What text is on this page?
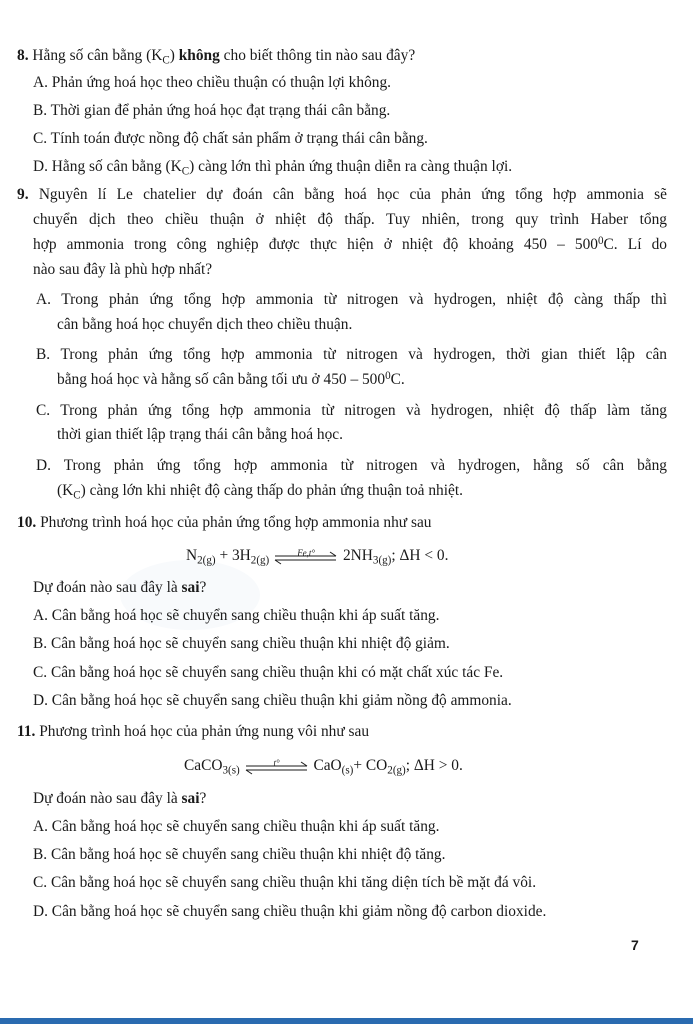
8. Hằng số cân bằng $(K_C)$ không cho biết thông tin nào sau đây?
A. Phản ứng hoá học theo chiều thuận có thuận lợi không.
B. Thời gian để phản ứng hoá học đạt trạng thái cân bằng.
C. Tính toán được nồng độ chất sản phẩm ở trạng thái cân bằng.
D. Hằng số cân bằng $(K_C)$ càng lớn thì phản ứng thuận diễn ra càng thuận lợi.
9. Nguyên lí Le chatelier dự đoán cân bằng hoá học của phản ứng tổng hợp ammonia sẽ
chuyển dịch theo chiều thuận ở nhiệt độ thấp. Tuy nhiên, trong quy trình Haber tổng
hợp ammonia trong công nghiệp được thực hiện ở nhiệt độ khoảng $450 - 500^0C$. Lí do
nào sau đây là phù hợp nhất?
A. Trong phản ứng tổng hợp ammonia từ nitrogen và hydrogen, nhiệt độ càng thấp thì
cân bằng hoá học chuyển dịch theo chiều thuận.
B. Trong phản ứng tổng hợp ammonia từ nitrogen và hydrogen, thời gian thiết lập cân
bằng hoá học và hằng số cân bằng tối ưu ở $450 - 500^0C$.
C. Trong phản ứng tổng hợp ammonia từ nitrogen và hydrogen, nhiệt độ thấp làm tăng
thời gian thiết lập trạng thái cân bằng hoá học.
D. Trong phản ứng tổng hợp ammonia từ nitrogen và hydrogen, hằng số cân bằng
$(K_C)$ càng lớn khi nhiệt độ càng thấp do phản ứng thuận toả nhiệt.
10. Phương trình hoá học của phản ứng tổng hợp ammonia như sau
$N_{2(g)} + 3H_{2(g)}$
Fe,t°	$2NH_{3(g)}$; ΔH < 0.
Dự đoán nào sau đây là sai?
A. Cân bằng hoá học sẽ chuyển sang chiều thuận khi áp suất tăng.
B. Cân bằng hoá học sẽ chuyển sang chiều thuận khi nhiệt độ giảm.
C. Cân bằng hoá học sẽ chuyển sang chiều thuận khi có mặt chất xúc tác Fe.
D. Cân bằng hoá học sẽ chuyển sang chiều thuận khi giảm nồng độ ammonia.
11. Phương trình hoá học của phản ứng nung vôi như sau
CaCO$_{3(s)}$
t°	$CaO_{(s)}+ CO_{2(g)}$; ΔH > 0.
Dự đoán nào sau đây là sai?
A. Cân bằng hoá học sẽ chuyển sang chiều thuận khi áp suất tăng.
B. Cân bằng hoá học sẽ chuyển sang chiều thuận khi nhiệt độ tăng.
C. Cân bằng hoá học sẽ chuyển sang chiều thuận khi tăng diện tích bề mặt đá vôi.
D. Cân bằng hoá học sẽ chuyển sang chiều thuận khi giảm nồng độ carbon dioxide.
7
